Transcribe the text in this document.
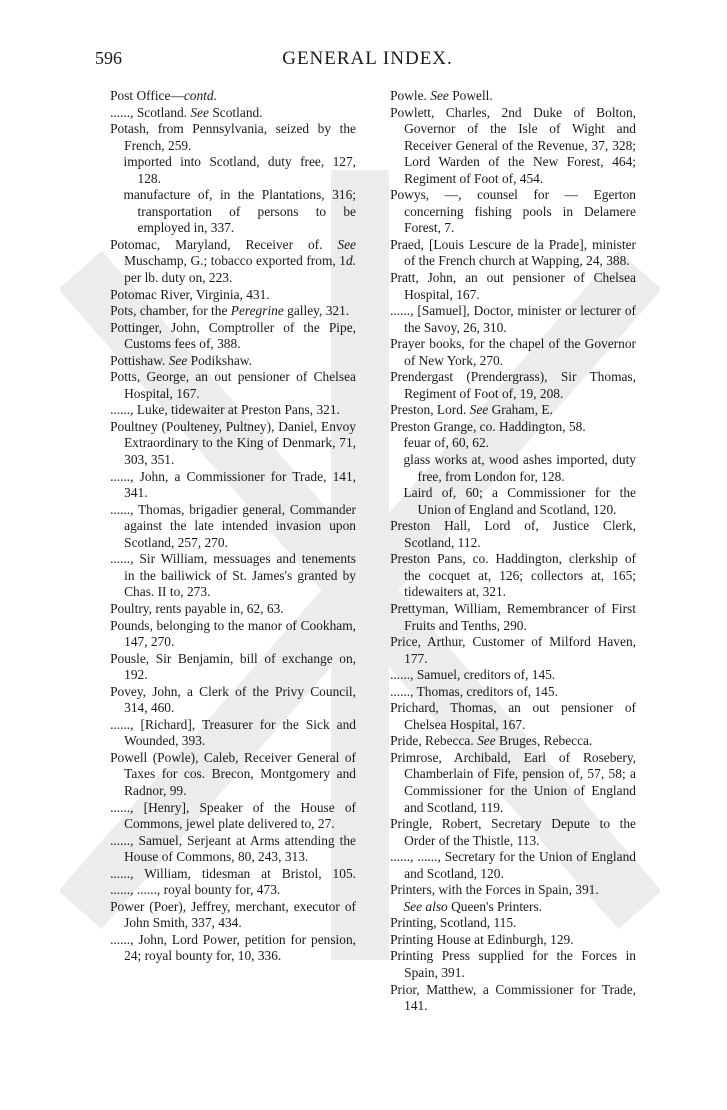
596	GENERAL INDEX.
Post Office—contd.
......, Scotland. See Scotland.
Potash, from Pennsylvania, seized by the French, 259.
imported into Scotland, duty free, 127, 128.
manufacture of, in the Plantations, 316; transportation of persons to be employed in, 337.
Potomac, Maryland, Receiver of. See Muschamp, G.; tobacco exported from, 1d. per lb. duty on, 223.
Potomac River, Virginia, 431.
Pots, chamber, for the Peregrine galley, 321.
Pottinger, John, Comptroller of the Pipe, Customs fees of, 388.
Pottishaw. See Podikshaw.
Potts, George, an out pensioner of Chelsea Hospital, 167.
......, Luke, tidewaiter at Preston Pans, 321.
Poultney (Poulteney, Pultney), Daniel, Envoy Extraordinary to the King of Denmark, 71, 303, 351.
......, John, a Commissioner for Trade, 141, 341.
......, Thomas, brigadier general, Commander against the late intended invasion upon Scotland, 257, 270.
......, Sir William, messuages and tenements in the bailiwick of St. James's granted by Chas. II to, 273.
Poultry, rents payable in, 62, 63.
Pounds, belonging to the manor of Cookham, 147, 270.
Pousle, Sir Benjamin, bill of exchange on, 192.
Povey, John, a Clerk of the Privy Council, 314, 460.
......, [Richard], Treasurer for the Sick and Wounded, 393.
Powell (Powle), Caleb, Receiver General of Taxes for cos. Brecon, Montgomery and Radnor, 99.
......, [Henry], Speaker of the House of Commons, jewel plate delivered to, 27.
......, Samuel, Serjeant at Arms attending the House of Commons, 80, 243, 313.
......, William, tidesman at Bristol, 105.
......, ......, royal bounty for, 473.
Power (Poer), Jeffrey, merchant, executor of John Smith, 337, 434.
......, John, Lord Power, petition for pension, 24; royal bounty for, 10, 336.
Powle. See Powell.
Powlett, Charles, 2nd Duke of Bolton, Governor of the Isle of Wight and Receiver General of the Revenue, 37, 328; Lord Warden of the New Forest, 464; Regiment of Foot of, 454.
Powys, —, counsel for — Egerton concerning fishing pools in Delamere Forest, 7.
Praed, [Louis Lescure de la Prade], minister of the French church at Wapping, 24, 388.
Pratt, John, an out pensioner of Chelsea Hospital, 167.
......, [Samuel], Doctor, minister or lecturer of the Savoy, 26, 310.
Prayer books, for the chapel of the Governor of New York, 270.
Prendergast (Prendergrass), Sir Thomas, Regiment of Foot of, 19, 208.
Preston, Lord. See Graham, E.
Preston Grange, co. Haddington, 58.
feuar of, 60, 62.
glass works at, wood ashes imported, duty free, from London for, 128.
Laird of, 60; a Commissioner for the Union of England and Scotland, 120.
Preston Hall, Lord of, Justice Clerk, Scotland, 112.
Preston Pans, co. Haddington, clerkship of the cocquet at, 126; collectors at, 165; tidewaiters at, 321.
Prettyman, William, Remembrancer of First Fruits and Tenths, 290.
Price, Arthur, Customer of Milford Haven, 177.
......, Samuel, creditors of, 145.
......, Thomas, creditors of, 145.
Prichard, Thomas, an out pensioner of Chelsea Hospital, 167.
Pride, Rebecca. See Bruges, Rebecca.
Primrose, Archibald, Earl of Rosebery, Chamberlain of Fife, pension of, 57, 58; a Commissioner for the Union of England and Scotland, 119.
Pringle, Robert, Secretary Depute to the Order of the Thistle, 113.
......, ......, Secretary for the Union of England and Scotland, 120.
Printers, with the Forces in Spain, 391.
See also Queen's Printers.
Printing, Scotland, 115.
Printing House at Edinburgh, 129.
Printing Press supplied for the Forces in Spain, 391.
Prior, Matthew, a Commissioner for Trade, 141.
